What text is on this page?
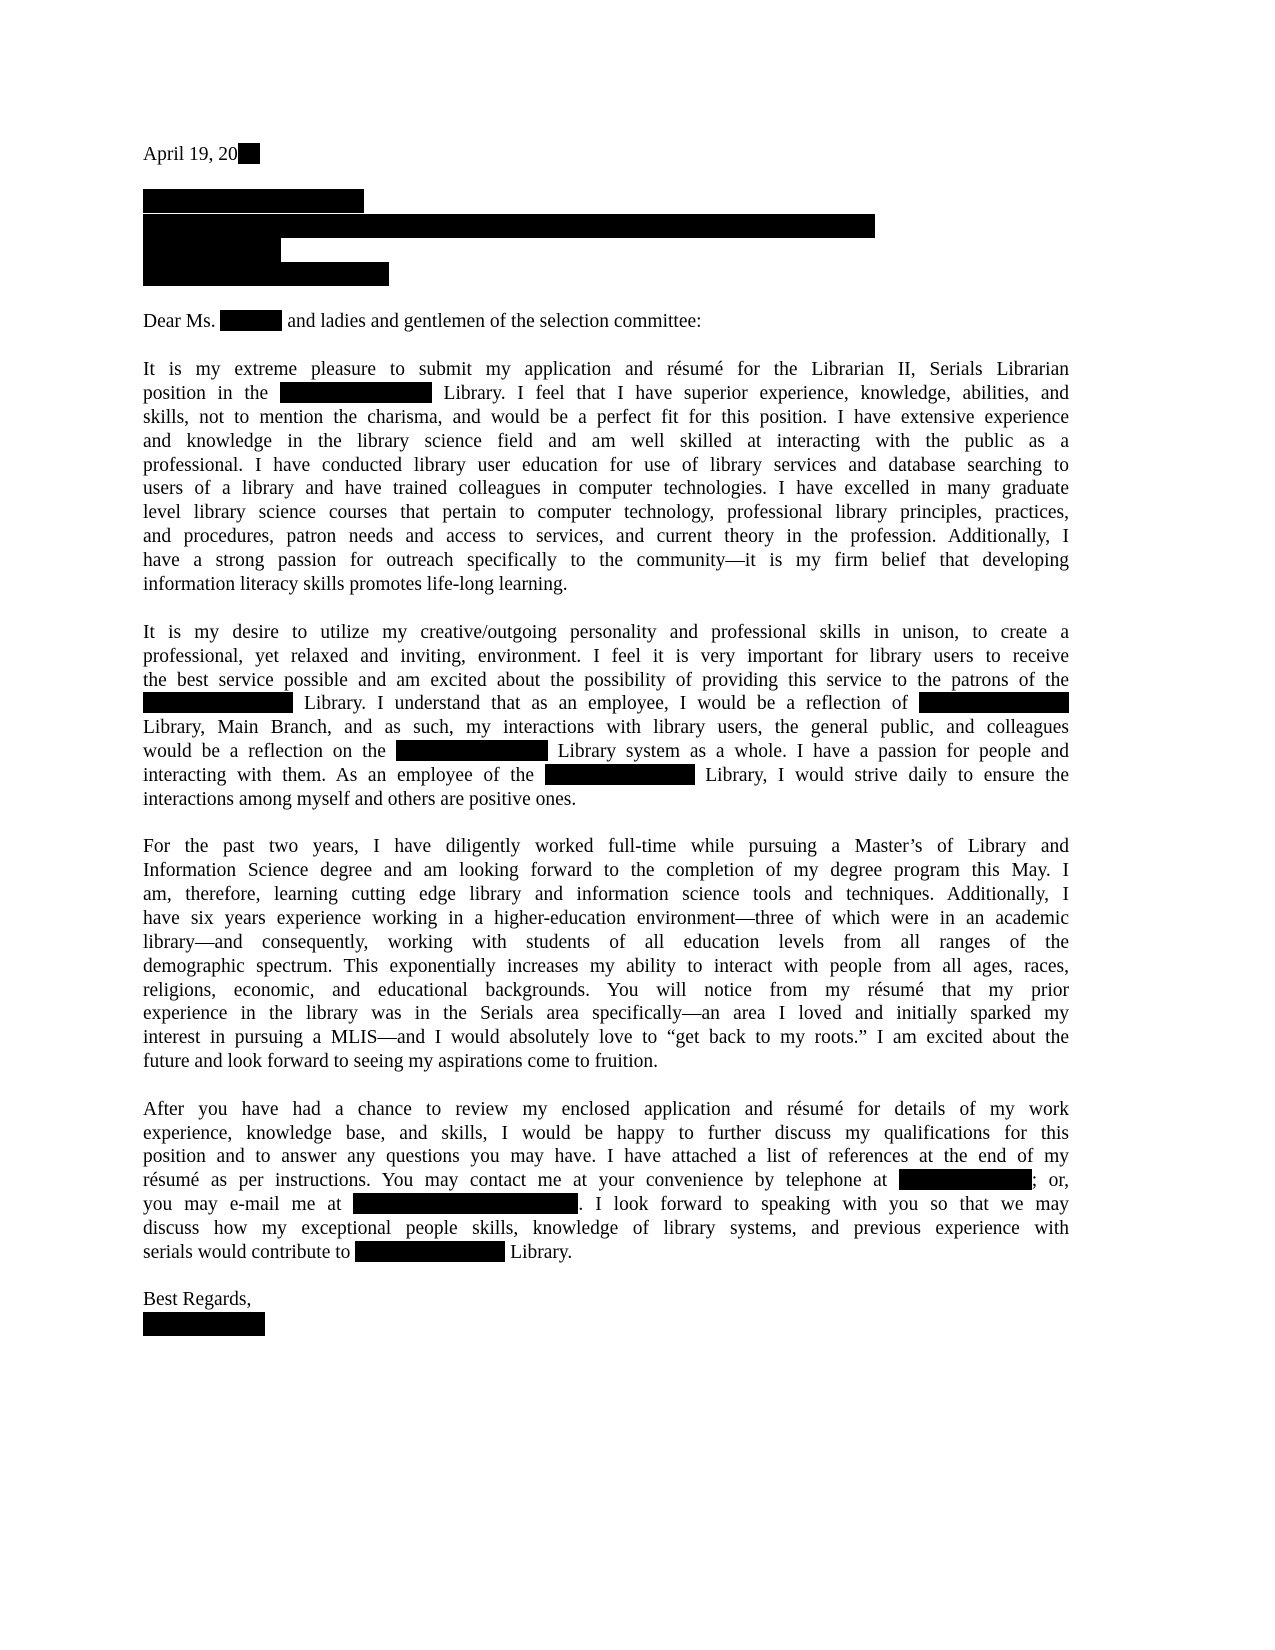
April 19, 20
Dear Ms.	and ladies and gentlemen of the selection committee:
It is my extreme pleasure to submit my application and résumé for the Librarian II, Serials Librarian
position in the	Library. I feel that I have superior experience, knowledge, abilities, and
skills, not to mention the charisma, and would be a perfect fit for this position. I have extensive experience
and knowledge in the library science field and am well skilled at interacting with the public as a
professional. I have conducted library user education for use of library services and database searching to
users of a library and have trained colleagues in computer technologies. I have excelled in many graduate
level library science courses that pertain to computer technology, professional library principles, practices,
and procedures, patron needs and access to services, and current theory in the profession. Additionally, I
have a strong passion for outreach specifically to the community—it is my firm belief that developing
information literacy skills promotes life-long learning.
It is my desire to utilize my creative/outgoing personality and professional skills in unison, to create a
professional, yet relaxed and inviting, environment. I feel it is very important for library users to receive
the best service possible and am excited about the possibility of providing this service to the patrons of the
Library. I understand that as an employee, I would be a reflection of
Library, Main Branch, and as such, my interactions with library users, the general public, and colleagues
would be a reflection on the	Library system as a whole. I have a passion for people and
interacting with them. As an employee of the	Library, I would strive daily to ensure the
interactions among myself and others are positive ones.
For the past two years, I have diligently worked full-time while pursuing a Master’s of Library and
Information Science degree and am looking forward to the completion of my degree program this May. I
am, therefore, learning cutting edge library and information science tools and techniques. Additionally, I
have six years experience working in a higher-education environment—three of which were in an academic
library—and consequently, working with students of all education levels from all ranges of the
demographic spectrum. This exponentially increases my ability to interact with people from all ages, races,
religions, economic, and educational backgrounds. You will notice from my résumé that my prior
experience in the library was in the Serials area specifically—an area I loved and initially sparked my
interest in pursuing a MLIS—and I would absolutely love to “get back to my roots.” I am excited about the
future and look forward to seeing my aspirations come to fruition.
After you have had a chance to review my enclosed application and résumé for details of my work
experience, knowledge base, and skills, I would be happy to further discuss my qualifications for this
position and to answer any questions you may have. I have attached a list of references at the end of my
résumé as per instructions. You may contact me at your convenience by telephone at	; or,
you may e-mail me at	. I look forward to speaking with you so that we may
discuss how my exceptional people skills, knowledge of library systems, and previous experience with
serials would contribute to	Library.
Best Regards,
